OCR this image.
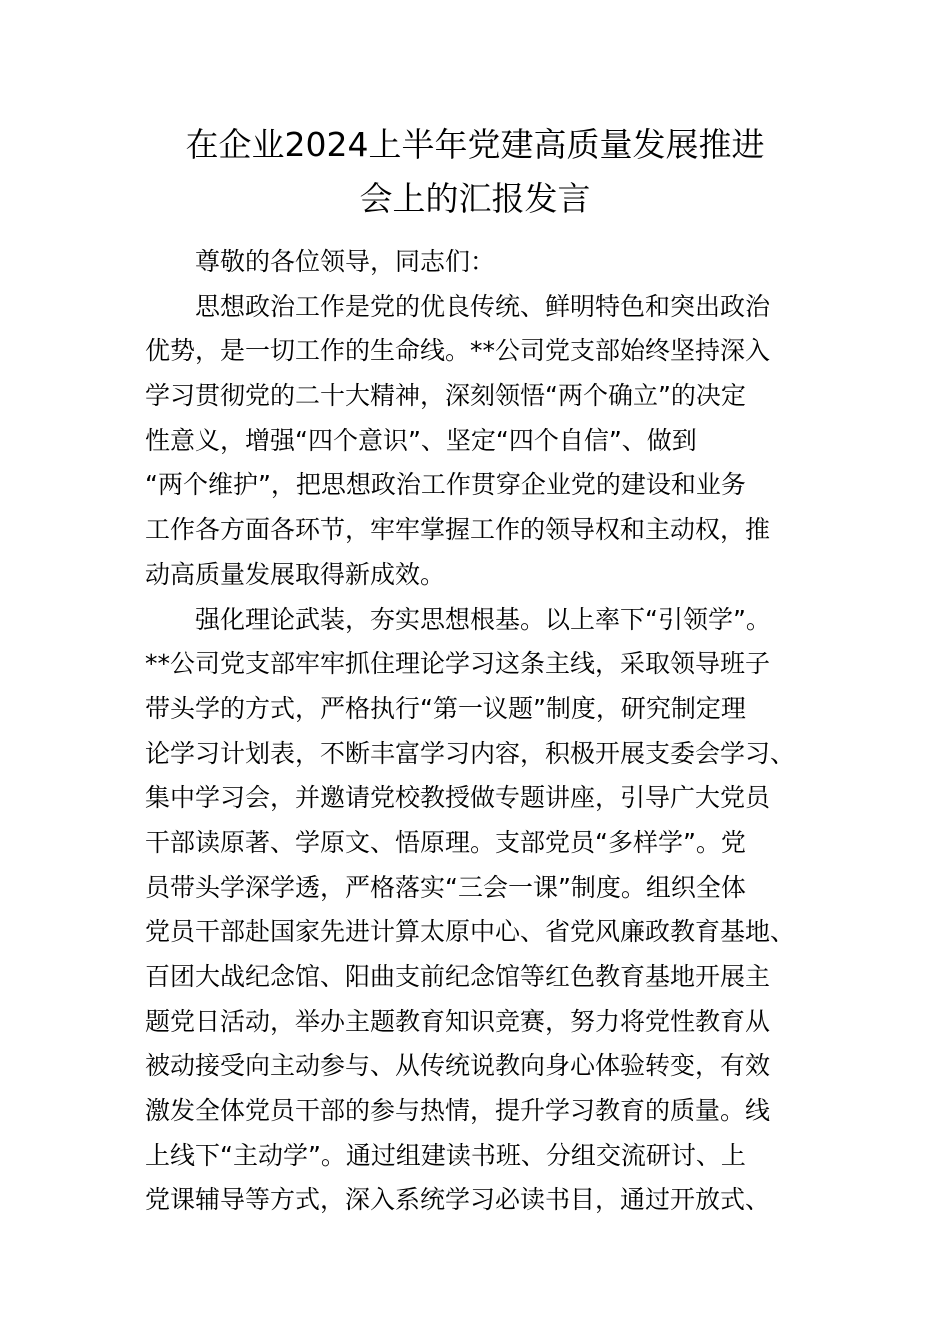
在企业2024上半年党建高质量发展推进
会上的汇报发言
尊敬的各位领导，同志们：
思想政治工作是党的优良传统、鲜明特色和突出政治
优势，是一切工作的生命线。**公司党支部始终坚持深入
学习贯彻党的二十大精神，深刻领悟“两个确立”的决定
性意义，增强“四个意识”、坚定“四个自信”、做到
“两个维护”，把思想政治工作贯穿企业党的建设和业务
工作各方面各环节，牢牢掌握工作的领导权和主动权，推
动高质量发展取得新成效。
强化理论武装，夯实思想根基。以上率下“引领学”。
**公司党支部牢牢抓住理论学习这条主线，采取领导班子
带头学的方式，严格执行“第一议题”制度，研究制定理
论学习计划表，不断丰富学习内容，积极开展支委会学习、
集中学习会，并邀请党校教授做专题讲座，引导广大党员
干部读原著、学原文、悟原理。支部党员“多样学”。党
员带头学深学透，严格落实“三会一课”制度。组织全体
党员干部赴国家先进计算太原中心、省党风廉政教育基地、
百团大战纪念馆、阳曲支前纪念馆等红色教育基地开展主
题党日活动，举办主题教育知识竞赛，努力将党性教育从
被动接受向主动参与、从传统说教向身心体验转变，有效
激发全体党员干部的参与热情，提升学习教育的质量。线
上线下“主动学”。通过组建读书班、分组交流研讨、上
党课辅导等方式，深入系统学习必读书目，通过开放式、
